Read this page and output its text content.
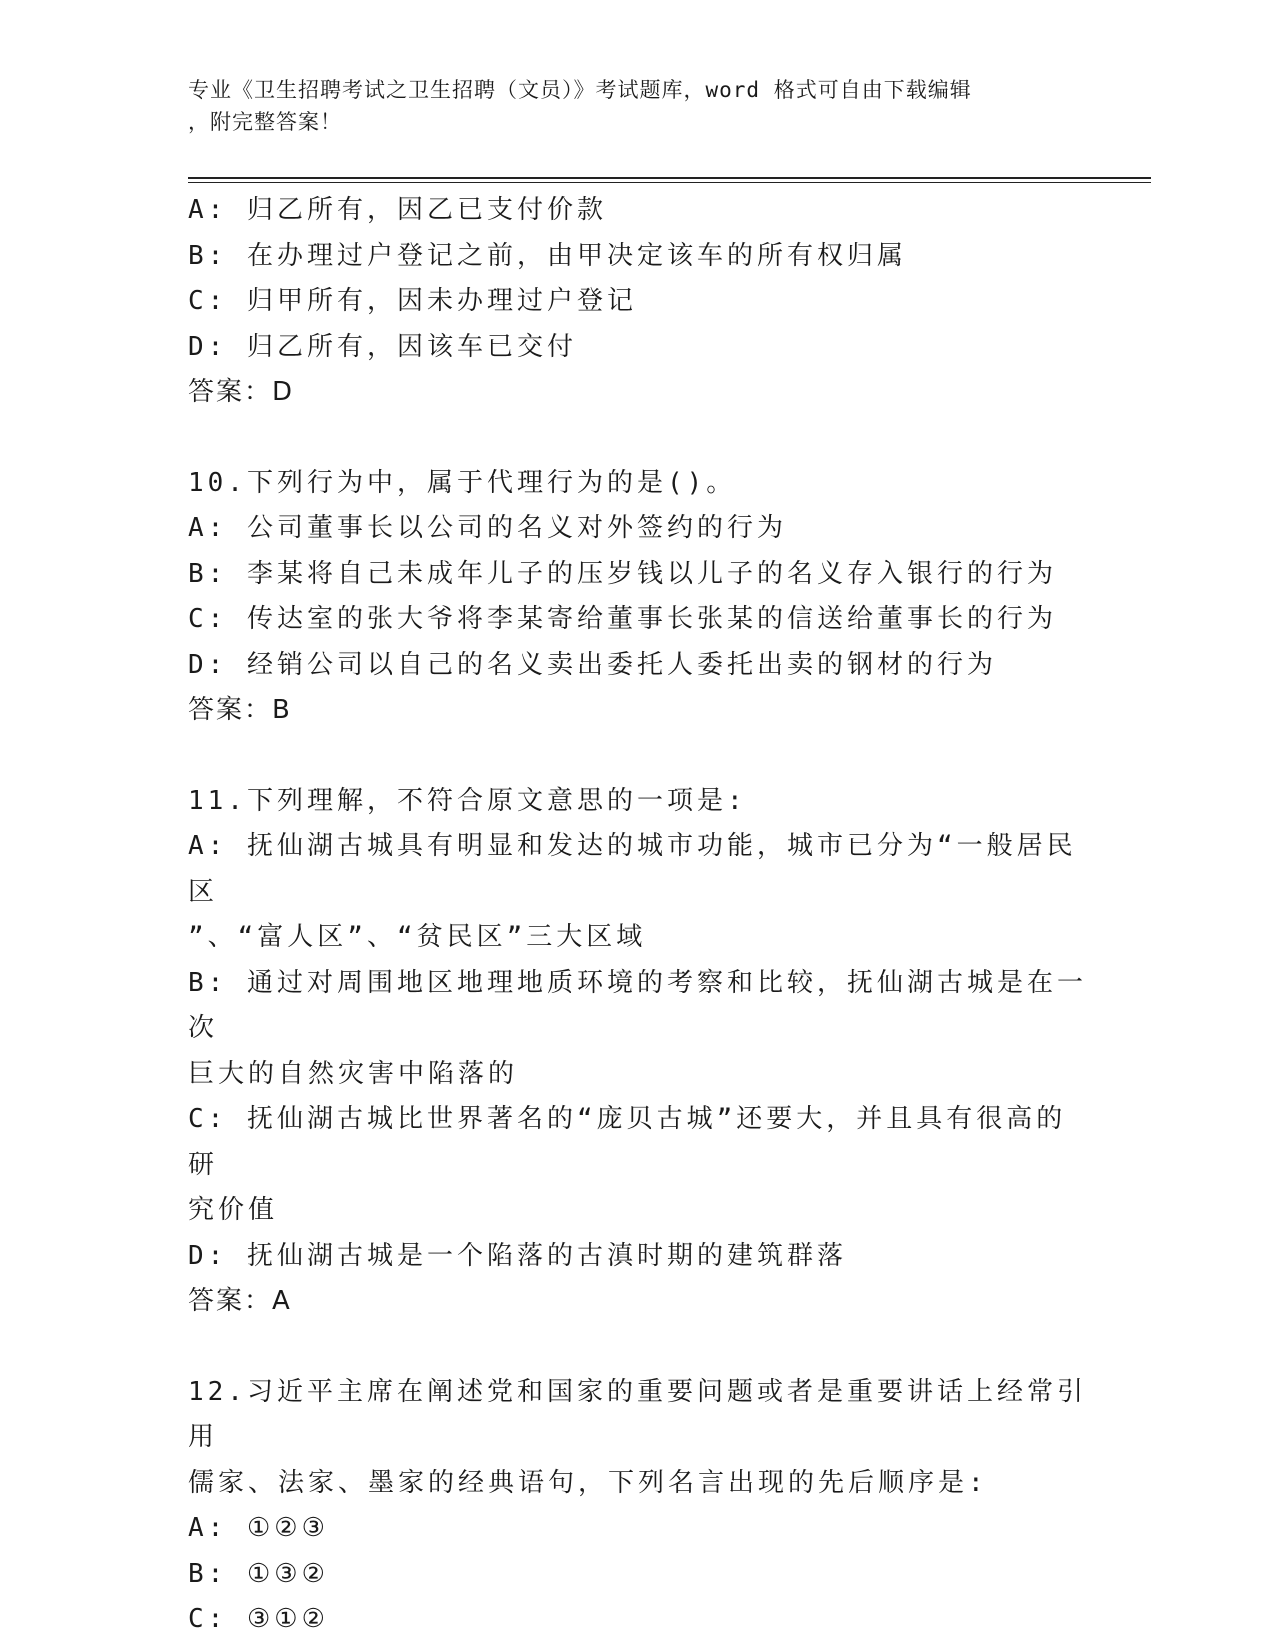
专业《卫生招聘考试之卫生招聘（文员）》考试题库，word 格式可自由下载编辑
，附完整答案！
A: 归乙所有，因乙已支付价款
B: 在办理过户登记之前，由甲决定该车的所有权归属
C: 归甲所有，因未办理过户登记
D: 归乙所有，因该车已交付
答案：D
10.下列行为中，属于代理行为的是()。
A: 公司董事长以公司的名义对外签约的行为
B: 李某将自己未成年儿子的压岁钱以儿子的名义存入银行的行为
C: 传达室的张大爷将李某寄给董事长张某的信送给董事长的行为
D: 经销公司以自己的名义卖出委托人委托出卖的钢材的行为
答案：B
11.下列理解，不符合原文意思的一项是:
A: 抚仙湖古城具有明显和发达的城市功能，城市已分为“一般居民区
”、“富人区”、“贫民区”三大区域
B: 通过对周围地区地理地质环境的考察和比较，抚仙湖古城是在一次
巨大的自然灾害中陷落的
C: 抚仙湖古城比世界著名的“庞贝古城”还要大，并且具有很高的研
究价值
D: 抚仙湖古城是一个陷落的古滇时期的建筑群落
答案：A
12.习近平主席在阐述党和国家的重要问题或者是重要讲话上经常引用
儒家、法家、墨家的经典语句，下列名言出现的先后顺序是:
A: ①②③
B: ①③②
C: ③①②
